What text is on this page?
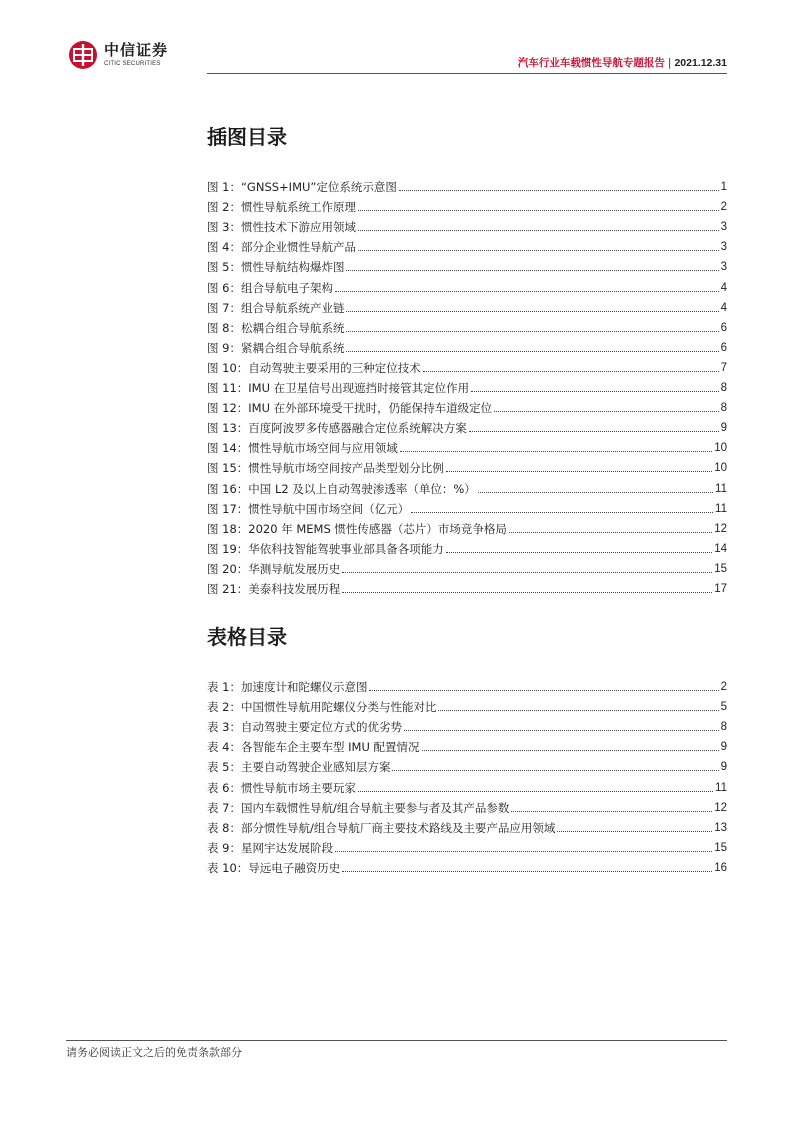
中信证券
CITIC SECURITIES	汽车行业车载惯性导航专题报告 | 2021.12.31
插图目录
图 1：“GNSS+IMU”定位系统示意图	1
图 2：惯性导航系统工作原理	2
图 3：惯性技术下游应用领域	3
图 4：部分企业惯性导航产品	3
图 5：惯性导航结构爆炸图	3
图 6：组合导航电子架构	4
图 7：组合导航系统产业链	4
图 8：松耦合组合导航系统	6
图 9：紧耦合组合导航系统	6
图 10：自动驾驶主要采用的三种定位技术	7
图 11：IMU 在卫星信号出现遮挡时接管其定位作用	8
图 12：IMU 在外部环境受干扰时，仍能保持车道级定位	8
图 13：百度阿波罗多传感器融合定位系统解决方案	9
图 14：惯性导航市场空间与应用领域	10
图 15：惯性导航市场空间按产品类型划分比例	10
图 16：中国 L2 及以上自动驾驶渗透率（单位：%）	11
图 17：惯性导航中国市场空间（亿元）	11
图 18：2020 年 MEMS 惯性传感器（芯片）市场竞争格局	12
图 19：华依科技智能驾驶事业部具备各项能力	14
图 20：华测导航发展历史	15
图 21：美泰科技发展历程	17
表格目录
表 1：加速度计和陀螺仪示意图	2
表 2：中国惯性导航用陀螺仪分类与性能对比	5
表 3：自动驾驶主要定位方式的优劣势	8
表 4：各智能车企主要车型 IMU 配置情况	9
表 5：主要自动驾驶企业感知层方案	9
表 6：惯性导航市场主要玩家	11
表 7：国内车载惯性导航/组合导航主要参与者及其产品参数	12
表 8：部分惯性导航/组合导航厂商主要技术路线及主要产品应用领域	13
表 9：星网宇达发展阶段	15
表 10：导远电子融资历史	16
请务必阅读正文之后的免责条款部分
